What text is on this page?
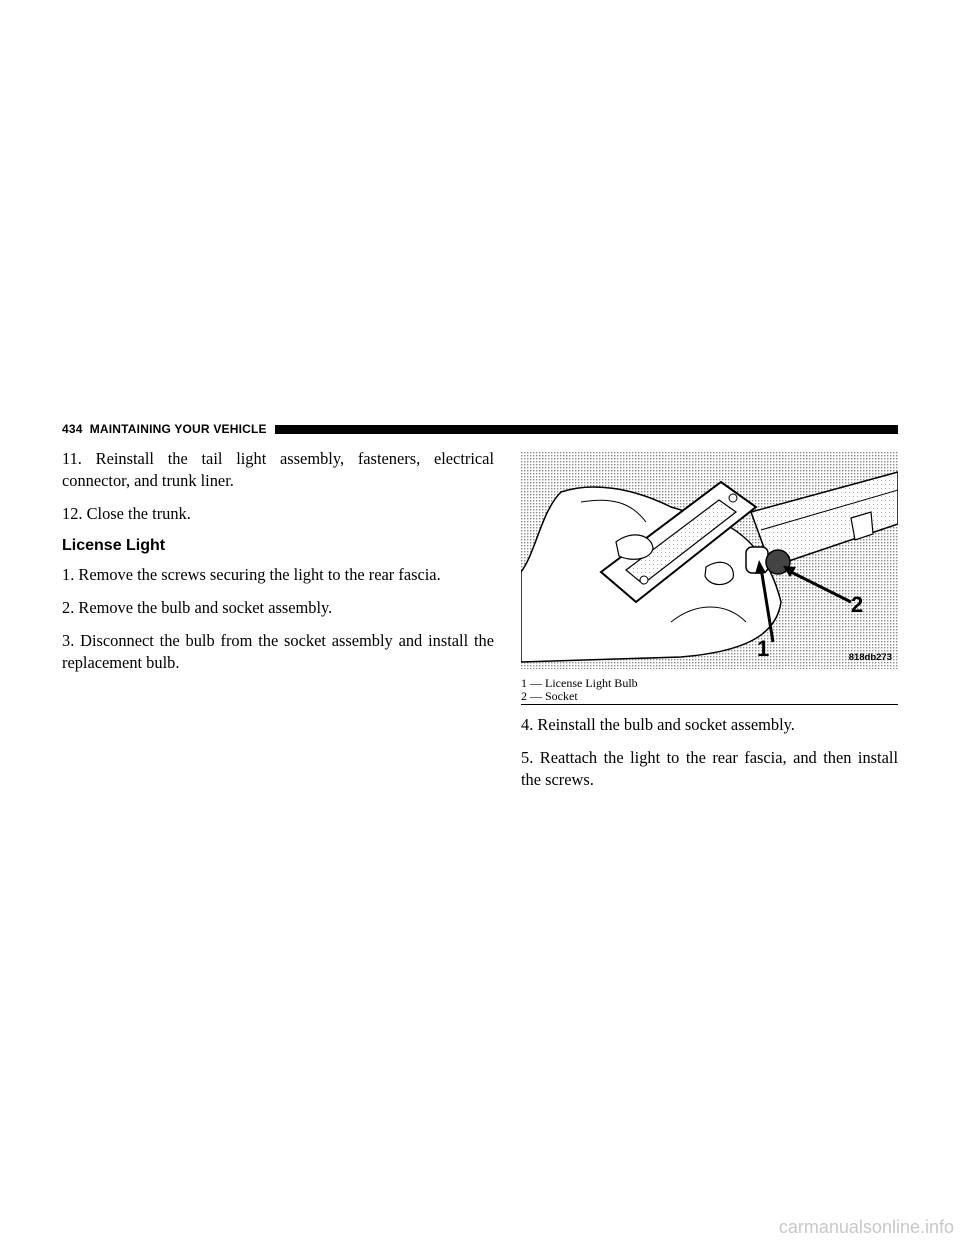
434 MAINTAINING YOUR VEHICLE

11. Reinstall the tail light assembly, fasteners, electrical connector, and trunk liner.

12. Close the trunk.

License Light

1. Remove the screws securing the light to the rear fascia.

2. Remove the bulb and socket assembly.

3. Disconnect the bulb from the socket assembly and install the replacement bulb.

1
2
818db273
1 — License Light Bulb
2 — Socket

4. Reinstall the bulb and socket assembly.

5. Reattach the light to the rear fascia, and then install the screws.

carmanualsonline.info
